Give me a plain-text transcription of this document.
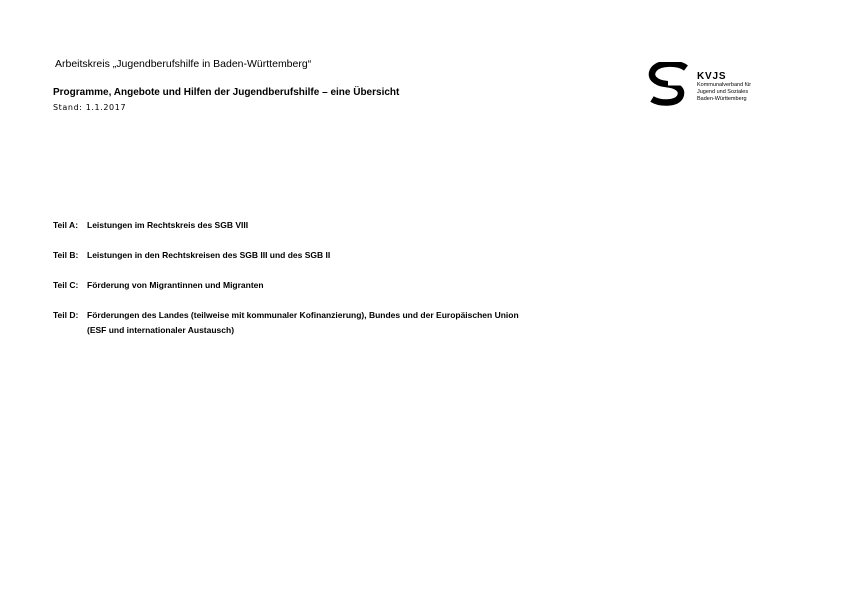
Arbeitskreis „Jugendberufshilfe in Baden-Württemberg“
Programme, Angebote und Hilfen der Jugendberufshilfe – eine Übersicht
Stand: 1.1.2017
KVJS
Kommunalverband für
Jugend und Soziales
Baden-Württemberg
Teil A:	Leistungen im Rechtskreis des SGB VIII
Teil B:	Leistungen in den Rechtskreisen des SGB III und des SGB II
Teil C:	Förderung von Migrantinnen und Migranten
Teil D:	Förderungen des Landes (teilweise mit kommunaler Kofinanzierung), Bundes und der Europäischen Union
(ESF und internationaler Austausch)
